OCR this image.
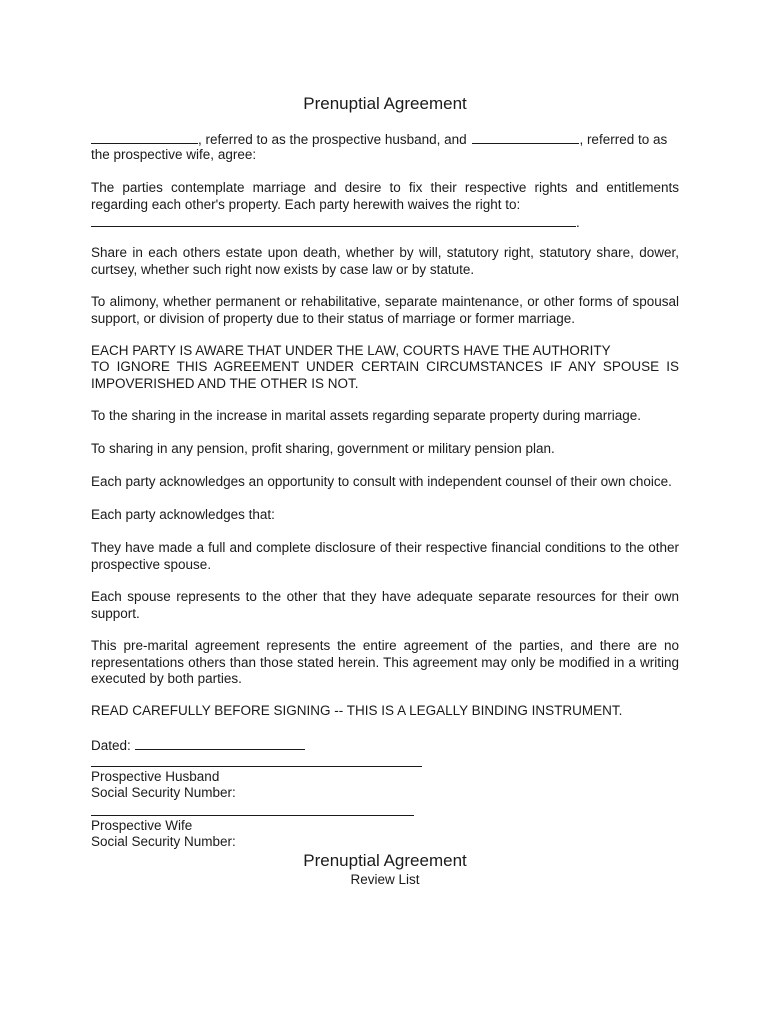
Prenuptial Agreement
, referred to as the prospective husband, and	, referred to as
the prospective wife, agree:
The parties contemplate marriage and desire to fix their respective rights and entitlements regarding each other's property. Each party herewith waives the right to:
.
Share in each others estate upon death, whether by will, statutory right, statutory share, dower, curtsey, whether such right now exists by case law or by statute.
To alimony, whether permanent or rehabilitative, separate maintenance, or other forms of spousal support, or division of property due to their status of marriage or former marriage.
EACH PARTY IS AWARE THAT UNDER THE LAW, COURTS HAVE THE AUTHORITY
TO IGNORE THIS AGREEMENT UNDER CERTAIN CIRCUMSTANCES IF ANY SPOUSE IS IMPOVERISHED AND THE OTHER IS NOT.
To the sharing in the increase in marital assets regarding separate property during marriage.
To sharing in any pension, profit sharing, government or military pension plan.
Each party acknowledges an opportunity to consult with independent counsel of their own choice.
Each party acknowledges that:
They have made a full and complete disclosure of their respective financial conditions to the other prospective spouse.
Each spouse represents to the other that they have adequate separate resources for their own support.
This pre-marital agreement represents the entire agreement of the parties, and there are no representations others than those stated herein. This agreement may only be modified in a writing executed by both parties.
READ CAREFULLY BEFORE SIGNING -- THIS IS A LEGALLY BINDING INSTRUMENT.
Dated:
Prospective Husband
Social Security Number:
Prospective Wife
Social Security Number:
Prenuptial Agreement
Review List
